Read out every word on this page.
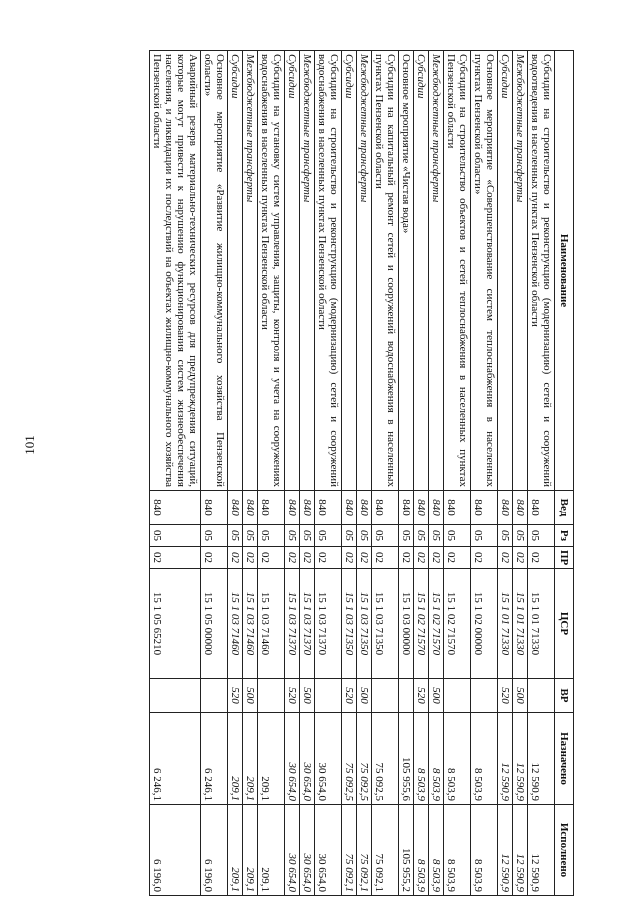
101
Наименование	Вед	Рз	ПР	ЦСР	ВР	Назначено	Исполнено
Субсидии на строительство и реконструкцию (модернизацию) сетей и сооружений водоотведения в населенных пунктах Пензенской области	840	05	02	15 1 01 71330		12 590,9	12 590,9
Межбюджетные трансферты	840	05	02	15 1 01 71330	500	12 590,9	12 590,9
Субсидии	840	05	02	15 1 01 71330	520	12 590,9	12 590,9
Основное мероприятие «Совершенствование систем теплоснабжения в населенных пунктах Пензенской области»	840	05	02	15 1 02 00000		8 503,9	8 503,9
Субсидии на строительство объектов и сетей теплоснабжения в населенных пунктах Пензенской области	840	05	02	15 1 02 71570		8 503,9	8 503,9
Межбюджетные трансферты	840	05	02	15 1 02 71570	500	8 503,9	8 503,9
Субсидии	840	05	02	15 1 02 71570	520	8 503,9	8 503,9
Основное мероприятие «Чистая вода»	840	05	02	15 1 03 00000		105 955,6	105 955,2
Субсидии на капитальный ремонт сетей и сооружений водоснабжения в населенных пунктах Пензенской области	840	05	02	15 1 03 71350		75 092,5	75 092,1
Межбюджетные трансферты	840	05	02	15 1 03 71350	500	75 092,5	75 092,1
Субсидии	840	05	02	15 1 03 71350	520	75 092,5	75 092,1
Субсидии на строительство и реконструкцию (модернизацию) сетей и сооружений водоснабжения в населенных пунктах Пензенской области	840	05	02	15 1 03 71370		30 654,0	30 654,0
Межбюджетные трансферты	840	05	02	15 1 03 71370	500	30 654,0	30 654,0
Субсидии	840	05	02	15 1 03 71370	520	30 654,0	30 654,0
Субсидии на установку систем управления, защиты, контроля и учета на сооружениях водоснабжения в населенных пунктах Пензенской области	840	05	02	15 1 03 71460		209,1	209,1
Межбюджетные трансферты	840	05	02	15 1 03 71460	500	209,1	209,1
Субсидии	840	05	02	15 1 03 71460	520	209,1	209,1
Основное мероприятие «Развитие жилищно-коммунального хозяйства Пензенской области»	840	05	02	15 1 05 00000		6 246,1	6 196,0
Аварийный резерв материально-технических ресурсов для предупреждения ситуаций, которые могут привести к нарушению функционирования систем жизнеобеспечения населения, и ликвидации их последствий на объектах жилищно-коммунального хозяйства Пензенской области	840	05	02	15 1 05 65210		6 246,1	6 196,0
